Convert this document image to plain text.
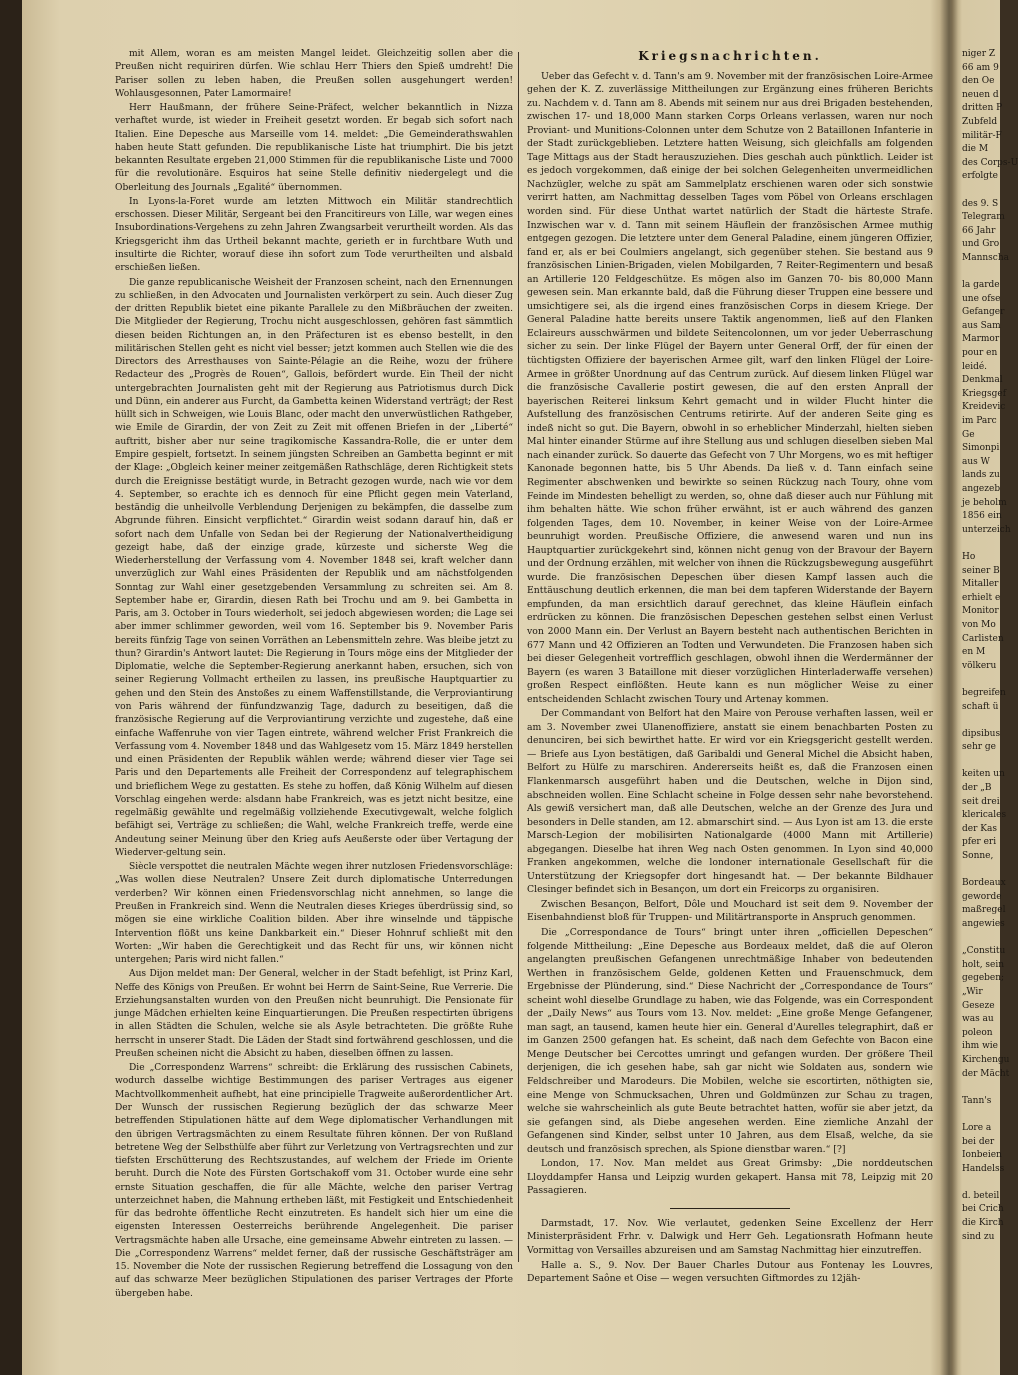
mit Allem, woran es am meisten Mangel leidet. Gleichzeitig sollen aber die Preußen nicht requiriren dürfen. Wie schlau Herr Thiers den Spieß umdreht! Die Pariser sollen zu leben haben, die Preußen sollen ausgehungert werden! Wohlausgesonnen, Pater Lamormaire!

Herr Haußmann, der frühere Seine-Präfect, welcher bekanntlich in Nizza verhaftet wurde, ist wieder in Freiheit gesetzt worden. Er begab sich sofort nach Italien. Eine Depesche aus Marseille vom 14. meldet: „Die Gemeinderathswahlen haben heute Statt gefunden. Die republikanische Liste hat triumphirt. Die bis jetzt bekannten Resultate ergeben 21,000 Stimmen für die republikanische Liste und 7000 für die revolutionäre. Esquiros hat seine Stelle definitiv niedergelegt und die Oberleitung des Journals „Egalité“ übernommen.

In Lyons-la-Foret wurde am letzten Mittwoch ein Militär standrechtlich erschossen. Dieser Militär, Sergeant bei den Francitireurs von Lille, war wegen eines Insubordinations-Vergehens zu zehn Jahren Zwangsarbeit verurtheilt worden. Als das Kriegsgericht ihm das Urtheil bekannt machte, gerieth er in furchtbare Wuth und insultirte die Richter, worauf diese ihn sofort zum Tode verurtheilten und alsbald erschießen ließen.

Die ganze republicanische Weisheit der Franzosen scheint, nach den Ernennungen zu schließen, in den Advocaten und Journalisten verkörpert zu sein. Auch dieser Zug der dritten Republik bietet eine pikante Parallele zu den Mißbräuchen der zweiten. Die Mitglieder der Regierung, Trochu nicht ausgeschlossen, gehören fast sämmtlich diesen beiden Richtungen an, in den Präfecturen ist es ebenso bestellt, in den militärischen Stellen geht es nicht viel besser; jetzt kommen auch Stellen wie die des Directors des Arresthauses von Sainte-Pélagie an die Reihe, wozu der frühere Redacteur des „Progrès de Rouen“, Gallois, befördert wurde. Ein Theil der nicht untergebrachten Journalisten geht mit der Regierung aus Patriotismus durch Dick und Dünn, ein anderer aus Furcht, da Gambetta keinen Widerstand verträgt; der Rest hüllt sich in Schweigen, wie Louis Blanc, oder macht den unverwüstlichen Rathgeber, wie Emile de Girardin, der von Zeit zu Zeit mit offenen Briefen in der „Liberté“ auftritt, bisher aber nur seine tragikomische Kassandra-Rolle, die er unter dem Empire gespielt, fortsetzt. In seinem jüngsten Schreiben an Gambetta beginnt er mit der Klage: „Obgleich keiner meiner zeitgemäßen Rathschläge, deren Richtigkeit stets durch die Ereignisse bestätigt wurde, in Betracht gezogen wurde, nach wie vor dem 4. September, so erachte ich es dennoch für eine Pflicht gegen mein Vaterland, beständig die unheilvolle Verblendung Derjenigen zu bekämpfen, die dasselbe zum Abgrunde führen. Einsicht verpflichtet.“ Girardin weist sodann darauf hin, daß er sofort nach dem Unfalle von Sedan bei der Regierung der Nationalvertheidigung gezeigt habe, daß der einzige grade, kürzeste und sicherste Weg die Wiederherstellung der Verfassung vom 4. November 1848 sei, kraft welcher dann unverzüglich zur Wahl eines Präsidenten der Republik und am nächstfolgenden Sonntag zur Wahl einer gesetzgebenden Versammlung zu schreiten sei. Am 8. September habe er, Girardin, diesen Rath bei Trochu und am 9. bei Gambetta in Paris, am 3. October in Tours wiederholt, sei jedoch abgewiesen worden; die Lage sei aber immer schlimmer geworden, weil vom 16. September bis 9. November Paris bereits fünfzig Tage von seinen Vorräthen an Lebensmitteln zehre. Was bleibe jetzt zu thun? Girardin's Antwort lautet: Die Regierung in Tours möge eins der Mitglieder der Diplomatie, welche die September-Regierung anerkannt haben, ersuchen, sich von seiner Regierung Vollmacht ertheilen zu lassen, ins preußische Hauptquartier zu gehen und den Stein des Anstoßes zu einem Waffenstillstande, die Verproviantirung von Paris während der fünfundzwanzig Tage, dadurch zu beseitigen, daß die französische Regierung auf die Verproviantirung verzichte und zugestehe, daß eine einfache Waffenruhe von vier Tagen eintrete, während welcher Frist Frankreich die Verfassung vom 4. November 1848 und das Wahlgesetz vom 15. März 1849 herstellen und einen Präsidenten der Republik wählen werde; während dieser vier Tage sei Paris und den Departements alle Freiheit der Correspondenz auf telegraphischem und brieflichem Wege zu gestatten. Es stehe zu hoffen, daß König Wilhelm auf diesen Vorschlag eingehen werde: alsdann habe Frankreich, was es jetzt nicht besitze, eine regelmäßig gewählte und regelmäßig vollziehende Executivgewalt, welche folglich befähigt sei, Verträge zu schließen; die Wahl, welche Frankreich treffe, werde eine Andeutung seiner Meinung über den Krieg aufs Aeußerste oder über Vertagung der Wiederver-geltung sein.

Siècle verspottet die neutralen Mächte wegen ihrer nutzlosen Friedensvorschläge: „Was wollen diese Neutralen? Unsere Zeit durch diplomatische Unterredungen verderben? Wir können einen Friedensvorschlag nicht annehmen, so lange die Preußen in Frankreich sind. Wenn die Neutralen dieses Krieges überdrüssig sind, so mögen sie eine wirkliche Coalition bilden. Aber ihre winselnde und täppische Intervention flößt uns keine Dankbarkeit ein.“ Dieser Hohnruf schließt mit den Worten: „Wir haben die Gerechtigkeit und das Recht für uns, wir können nicht untergehen; Paris wird nicht fallen.“

Aus Dijon meldet man: Der General, welcher in der Stadt befehligt, ist Prinz Karl, Neffe des Königs von Preußen. Er wohnt bei Herrn de Saint-Seine, Rue Verrerie. Die Erziehungsanstalten wurden von den Preußen nicht beunruhigt. Die Pensionate für junge Mädchen erhielten keine Einquartierungen. Die Preußen respectirten übrigens in allen Städten die Schulen, welche sie als Asyle betrachteten. Die größte Ruhe herrscht in unserer Stadt. Die Läden der Stadt sind fortwährend geschlossen, und die Preußen scheinen nicht die Absicht zu haben, dieselben öffnen zu lassen.

Die „Correspondenz Warrens“ schreibt: die Erklärung des russischen Cabinets, wodurch dasselbe wichtige Bestimmungen des pariser Vertrages aus eigener Machtvollkommenheit aufhebt, hat eine principielle Tragweite außerordentlicher Art. Der Wunsch der russischen Regierung bezüglich der das schwarze Meer betreffenden Stipulationen hätte auf dem Wege diplomatischer Verhandlungen mit den übrigen Vertragsmächten zu einem Resultate führen können. Der von Rußland betretene Weg der Selbsthülfe aber führt zur Verletzung von Vertragsrechten und zur tiefsten Erschütterung des Rechtszustandes, auf welchem der Friede im Oriente beruht. Durch die Note des Fürsten Gortschakoff vom 31. October wurde eine sehr ernste Situation geschaffen, die für alle Mächte, welche den pariser Vertrag unterzeichnet haben, die Mahnung ertheben läßt, mit Festigkeit und Entschiedenheit für das bedrohte öffentliche Recht einzutreten. Es handelt sich hier um eine die eigensten Interessen Oesterreichs berührende Angelegenheit. Die pariser Vertragsmächte haben alle Ursache, eine gemeinsame Abwehr eintreten zu lassen. — Die „Correspondenz Warrens“ meldet ferner, daß der russische Geschäftsträger am 15. November die Note der russischen Regierung betreffend die Lossagung von den auf das schwarze Meer bezüglichen Stipulationen des pariser Vertrages der Pforte übergeben habe.

Kriegsnachrichten.

Ueber das Gefecht v. d. Tann's am 9. November mit der französischen Loire-Armee gehen der K. Z. zuverlässige Mittheilungen zur Ergänzung eines früheren Berichts zu. Nachdem v. d. Tann am 8. Abends mit seinem nur aus drei Brigaden bestehenden, zwischen 17- und 18,000 Mann starken Corps Orleans verlassen, waren nur noch Proviant- und Munitions-Colonnen unter dem Schutze von 2 Bataillonen Infanterie in der Stadt zurückgeblieben. Letztere hatten Weisung, sich gleichfalls am folgenden Tage Mittags aus der Stadt herauszuziehen. Dies geschah auch pünktlich. Leider ist es jedoch vorgekommen, daß einige der bei solchen Gelegenheiten unvermeidlichen Nachzügler, welche zu spät am Sammelplatz erschienen waren oder sich sonstwie verirrt hatten, am Nachmittag desselben Tages vom Pöbel von Orleans erschlagen worden sind. Für diese Unthat wartet natürlich der Stadt die härteste Strafe. Inzwischen war v. d. Tann mit seinem Häuflein der französischen Armee muthig entgegen gezogen. Die letztere unter dem General Paladine, einem jüngeren Offizier, fand er, als er bei Coulmiers angelangt, sich gegenüber stehen. Sie bestand aus 9 französischen Linien-Brigaden, vielen Mobilgarden, 7 Reiter-Regimentern und besaß an Artillerie 120 Feldgeschütze. Es mögen also im Ganzen 70- bis 80,000 Mann gewesen sein. Man erkannte bald, daß die Führung dieser Truppen eine bessere und umsichtigere sei, als die irgend eines französischen Corps in diesem Kriege. Der General Paladine hatte bereits unsere Taktik angenommen, ließ auf den Flanken Eclaireurs ausschwärmen und bildete Seitencolonnen, um vor jeder Ueberraschung sicher zu sein. Der linke Flügel der Bayern unter General Orff, der für einen der tüchtigsten Offiziere der bayerischen Armee gilt, warf den linken Flügel der Loire-Armee in größter Unordnung auf das Centrum zurück. Auf diesem linken Flügel war die französische Cavallerie postirt gewesen, die auf den ersten Anprall der bayerischen Reiterei linksum Kehrt gemacht und in wilder Flucht hinter die Aufstellung des französischen Centrums retirirte. Auf der anderen Seite ging es indeß nicht so gut. Die Bayern, obwohl in so erheblicher Minderzahl, hielten sieben Mal hinter einander Stürme auf ihre Stellung aus und schlugen dieselben sieben Mal nach einander zurück. So dauerte das Gefecht von 7 Uhr Morgens, wo es mit heftiger Kanonade begonnen hatte, bis 5 Uhr Abends. Da ließ v. d. Tann einfach seine Regimenter abschwenken und bewirkte so seinen Rückzug nach Toury, ohne vom Feinde im Mindesten behelligt zu werden, so, ohne daß dieser auch nur Fühlung mit ihm behalten hätte. Wie schon früher erwähnt, ist er auch während des ganzen folgenden Tages, dem 10. November, in keiner Weise von der Loire-Armee beunruhigt worden. Preußische Offiziere, die anwesend waren und nun ins Hauptquartier zurückgekehrt sind, können nicht genug von der Bravour der Bayern und der Ordnung erzählen, mit welcher von ihnen die Rückzugsbewegung ausgeführt wurde. Die französischen Depeschen über diesen Kampf lassen auch die Enttäuschung deutlich erkennen, die man bei dem tapferen Widerstande der Bayern empfunden, da man ersichtlich darauf gerechnet, das kleine Häuflein einfach erdrücken zu können. Die französischen Depeschen gestehen selbst einen Verlust von 2000 Mann ein. Der Verlust an Bayern besteht nach authentischen Berichten in 677 Mann und 42 Offizieren an Todten und Verwundeten. Die Franzosen haben sich bei dieser Gelegenheit vortrefflich geschlagen, obwohl ihnen die Werdermänner der Bayern (es waren 3 Bataillone mit dieser vorzüglichen Hinterladerwaffe versehen) großen Respect einflößten. Heute kann es nun möglicher Weise zu einer entscheidenden Schlacht zwischen Toury und Artenay kommen.

Der Commandant von Belfort hat den Maire von Perouse verhaften lassen, weil er am 3. November zwei Ulanenoffiziere, anstatt sie einem benachbarten Posten zu denunciren, bei sich bewirthet hatte. Er wird vor ein Kriegsgericht gestellt werden. — Briefe aus Lyon bestätigen, daß Garibaldi und General Michel die Absicht haben, Belfort zu Hülfe zu marschiren. Andererseits heißt es, daß die Franzosen einen Flankenmarsch ausgeführt haben und die Deutschen, welche in Dijon sind, abschneiden wollen. Eine Schlacht scheine in Folge dessen sehr nahe bevorstehend. Als gewiß versichert man, daß alle Deutschen, welche an der Grenze des Jura und besonders in Delle standen, am 12. abmarschirt sind. — Aus Lyon ist am 13. die erste Marsch-Legion der mobilisirten Nationalgarde (4000 Mann mit Artillerie) abgegangen. Dieselbe hat ihren Weg nach Osten genommen. In Lyon sind 40,000 Franken angekommen, welche die londoner internationale Gesellschaft für die Unterstützung der Kriegsopfer dort hingesandt hat. — Der bekannte Bildhauer Clesinger befindet sich in Besançon, um dort ein Freicorps zu organisiren.

Zwischen Besançon, Belfort, Dôle und Mouchard ist seit dem 9. November der Eisenbahndienst bloß für Truppen- und Militärtransporte in Anspruch genommen.

Die „Correspondance de Tours“ bringt unter ihren „officiellen Depeschen“ folgende Mittheilung: „Eine Depesche aus Bordeaux meldet, daß die auf Oleron angelangten preußischen Gefangenen unrechtmäßige Inhaber von bedeutenden Werthen in französischem Gelde, goldenen Ketten und Frauenschmuck, dem Ergebnisse der Plünderung, sind.“ Diese Nachricht der „Correspondance de Tours“ scheint wohl dieselbe Grundlage zu haben, wie das Folgende, was ein Correspondent der „Daily News“ aus Tours vom 13. Nov. meldet: „Eine große Menge Gefangener, man sagt, an tausend, kamen heute hier ein. General d'Aurelles telegraphirt, daß er im Ganzen 2500 gefangen hat. Es scheint, daß nach dem Gefechte von Bacon eine Menge Deutscher bei Cercottes umringt und gefangen wurden. Der größere Theil derjenigen, die ich gesehen habe, sah gar nicht wie Soldaten aus, sondern wie Feldschreiber und Marodeurs. Die Mobilen, welche sie escortirten, nöthigten sie, eine Menge von Schmucksachen, Uhren und Goldmünzen zur Schau zu tragen, welche sie wahrscheinlich als gute Beute betrachtet hatten, wofür sie aber jetzt, da sie gefangen sind, als Diebe angesehen werden. Eine ziemliche Anzahl der Gefangenen sind Kinder, selbst unter 10 Jahren, aus dem Elsaß, welche, da sie deutsch und französisch sprechen, als Spione dienstbar waren.“ [?]

London, 17. Nov. Man meldet aus Great Grimsby: „Die norddeutschen Lloyddampfer Hansa und Leipzig wurden gekapert. Hansa mit 78, Leipzig mit 20 Passagieren.

Darmstadt, 17. Nov. Wie verlautet, gedenken Seine Excellenz der Herr Ministerpräsident Frhr. v. Dalwigk und Herr Geh. Legationsrath Hofmann heute Vormittag von Versailles abzureisen und am Samstag Nachmittag hier einzutreffen.

Halle a. S., 9. Nov. Der Bauer Charles Dutour aus Fontenay les Louvres, Departement Saône et Oise — wegen versuchten Giftmordes zu 12jäh-

niger Z
66 am 9
den Oe
neuen d
dritten P
Zubfeld
militär-F
die M
des Corps-U
erfolgte
des 9. S
Telegram
66 Jahr
und Gro
Mannscha
la garde
une ofse
Gefanger
aus Sam
Marmor
pour en
leidé.
Denkmal
Kriegsgef
Kreidevic
im Parc
Ge
Simonpi
aus W
lands zu
angezeb
je beholm
1856 ein
unterzeich
Ho
seiner B
Mitaller
erhielt e
Monitor
von Mo
Carlisten
en M
völkeru
begreifen
schaft ü
dipsibus
sehr ge
keiten un
der „B
seit drei
klericales
der Kas
pfer eri
Sonne,
Bordeaux
geworde
maßregel
angewies
„Constitu
holt, sein
gegeben;
„Wir
Geseze
was au
poleon
ihm wie
Kirchengu
der Mächt
Tann's
Lore a
bei der
Ionbeien
Handelss
d. beteil
bei Crich
die Kirch
sind zu
